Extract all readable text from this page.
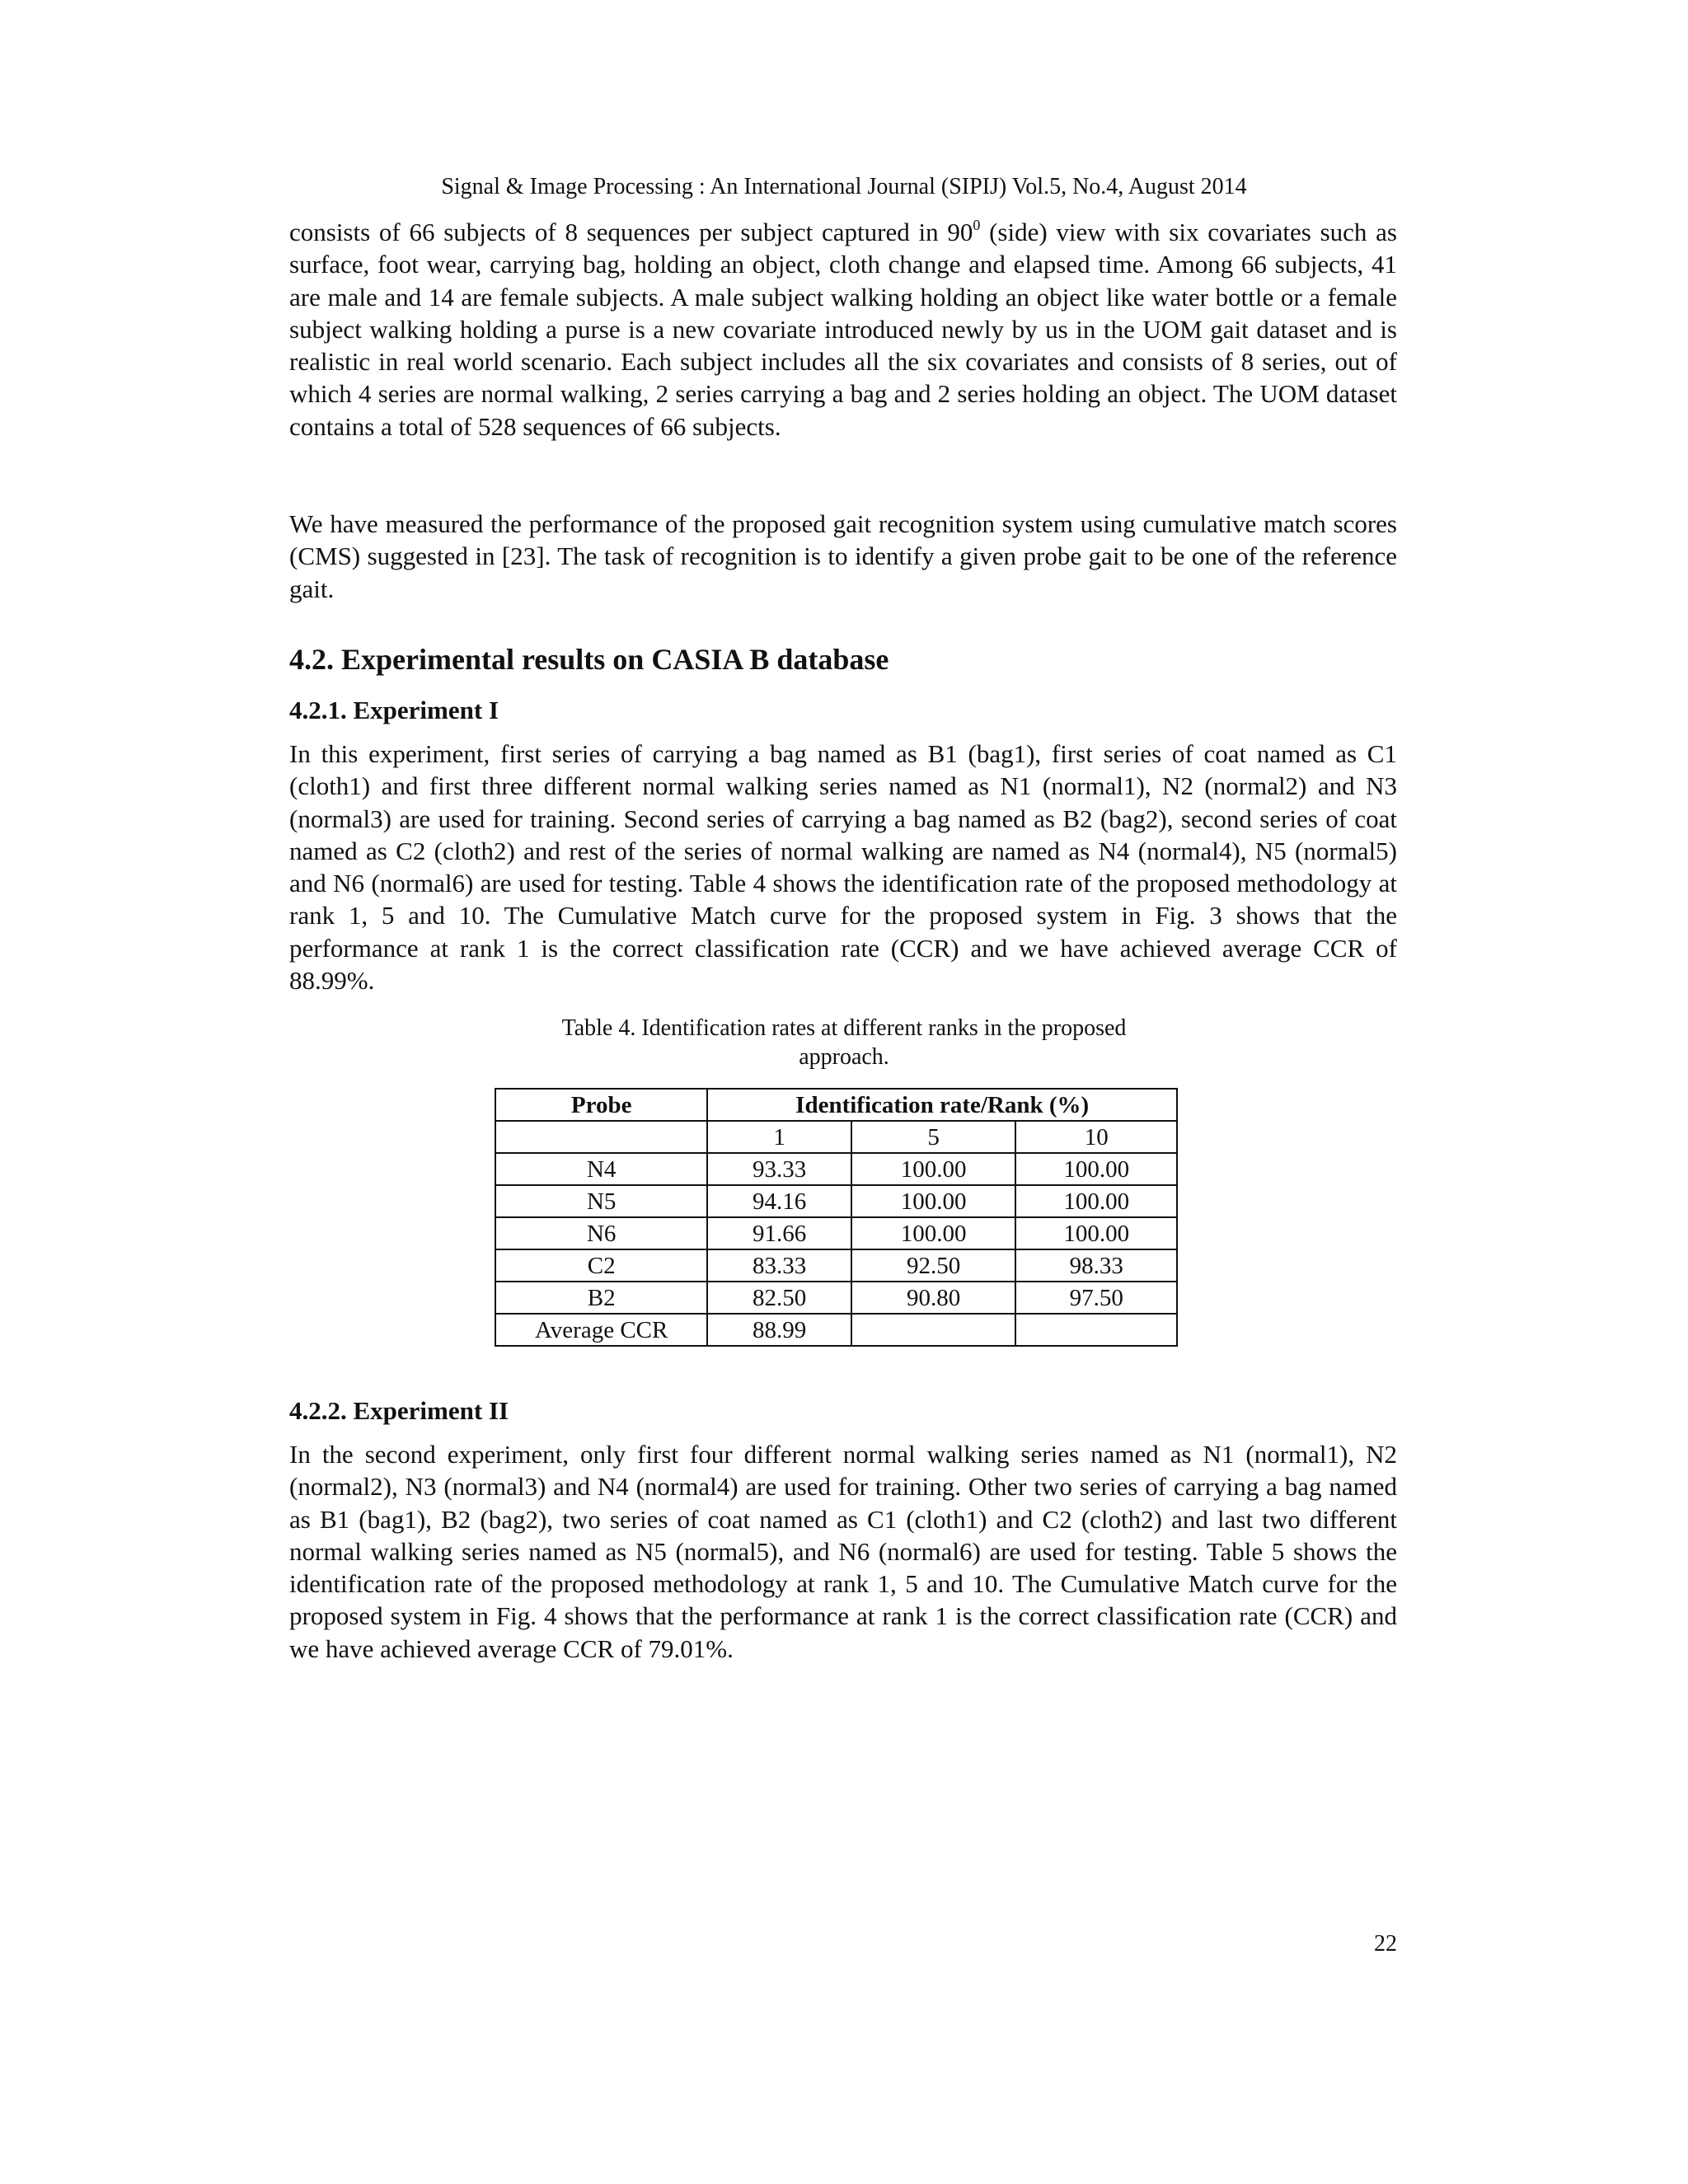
Signal & Image Processing : An International Journal (SIPIJ) Vol.5, No.4, August 2014

consists of 66 subjects of 8 sequences per subject captured in $90^0$ (side) view with six covariates such as surface, foot wear, carrying bag, holding an object, cloth change and elapsed time. Among 66 subjects, 41 are male and 14 are female subjects. A male subject walking holding an object like water bottle or a female subject walking holding a purse is a new covariate introduced newly by us in the UOM gait dataset and is realistic in real world scenario. Each subject includes all the six covariates and consists of 8 series, out of which 4 series are normal walking, 2 series carrying a bag and 2 series holding an object. The UOM dataset contains a total of 528 sequences of 66 subjects.

We have measured the performance of the proposed gait recognition system using cumulative match scores (CMS) suggested in [23]. The task of recognition is to identify a given probe gait to be one of the reference gait.

4.2. Experimental results on CASIA B database
4.2.1. Experiment I

In this experiment, first series of carrying a bag named as B1 (bag1), first series of coat named as C1 (cloth1) and first three different normal walking series named as N1 (normal1), N2 (normal2) and N3 (normal3) are used for training. Second series of carrying a bag named as B2 (bag2), second series of coat named as C2 (cloth2) and rest of the series of normal walking are named as N4 (normal4), N5 (normal5) and N6 (normal6) are used for testing. Table 4 shows the identification rate of the proposed methodology at rank 1, 5 and 10. The Cumulative Match curve for the proposed system in Fig. 3 shows that the performance at rank 1 is the correct classification rate (CCR) and we have achieved average CCR of 88.99%.

Table 4. Identification rates at different ranks in the proposed
approach.
Probe	Identification rate/Rank (%)		
	1	5	10
N4	93.33	100.00	100.00
N5	94.16	100.00	100.00
N6	91.66	100.00	100.00
C2	83.33	92.50	98.33
B2	82.50	90.80	97.50
Average CCR	88.99		
4.2.2. Experiment II

In the second experiment, only first four different normal walking series named as N1 (normal1), N2 (normal2), N3 (normal3) and N4 (normal4) are used for training. Other two series of carrying a bag named as B1 (bag1), B2 (bag2), two series of coat named as C1 (cloth1) and C2 (cloth2) and last two different normal walking series named as N5 (normal5), and N6 (normal6) are used for testing. Table 5 shows the identification rate of the proposed methodology at rank 1, 5 and 10. The Cumulative Match curve for the proposed system in Fig. 4 shows that the performance at rank 1 is the correct classification rate (CCR) and we have achieved average CCR of 79.01%.

22
